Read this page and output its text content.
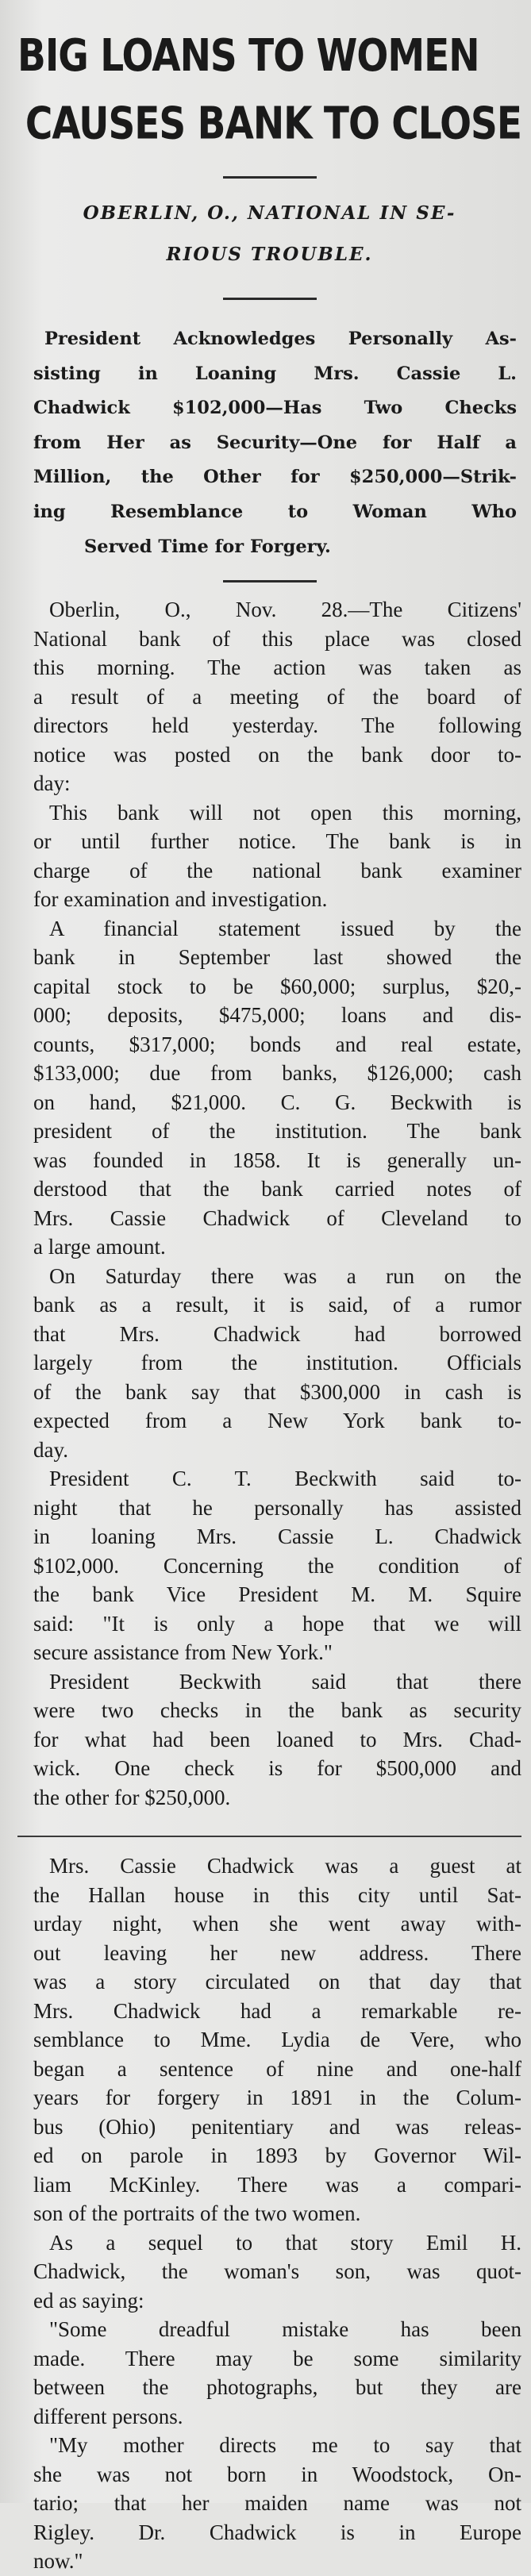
BIG LOANS TO WOMEN
CAUSES BANK TO CLOSE
OBERLIN, O., NATIONAL IN SE-
RIOUS TROUBLE.
President Acknowledges Personally As-
sisting in Loaning Mrs. Cassie L.
Chadwick $102,000—Has Two Checks
from Her as Security—One for Half a
Million, the Other for $250,000—Strik-
ing Resemblance to Woman Who
Served Time for Forgery.

Oberlin, O., Nov. 28.—The Citizens'
National bank of this place was closed
this morning. The action was taken as
a result of a meeting of the board of
directors held yesterday. The following
notice was posted on the bank door to-
day:

This bank will not open this morning,
or until further notice. The bank is in
charge of the national bank examiner
for examination and investigation.

A financial statement issued by the
bank in September last showed the
capital stock to be $60,000; surplus, $20,-
000; deposits, $475,000; loans and dis-
counts, $317,000; bonds and real estate,
$133,000; due from banks, $126,000; cash
on hand, $21,000. C. G. Beckwith is
president of the institution. The bank
was founded in 1858. It is generally un-
derstood that the bank carried notes of
Mrs. Cassie Chadwick of Cleveland to
a large amount.

On Saturday there was a run on the
bank as a result, it is said, of a rumor
that Mrs. Chadwick had borrowed
largely from the institution. Officials
of the bank say that $300,000 in cash is
expected from a New York bank to-
day.

President C. T. Beckwith said to-
night that he personally has assisted
in loaning Mrs. Cassie L. Chadwick
$102,000. Concerning the condition of
the bank Vice President M. M. Squire
said: "It is only a hope that we will
secure assistance from New York."

President Beckwith said that there
were two checks in the bank as security
for what had been loaned to Mrs. Chad-
wick. One check is for $500,000 and
the other for $250,000.

Mrs. Cassie Chadwick was a guest at
the Hallan house in this city until Sat-
urday night, when she went away with-
out leaving her new address. There
was a story circulated on that day that
Mrs. Chadwick had a remarkable re-
semblance to Mme. Lydia de Vere, who
began a sentence of nine and one-half
years for forgery in 1891 in the Colum-
bus (Ohio) penitentiary and was releas-
ed on parole in 1893 by Governor Wil-
liam McKinley. There was a compari-
son of the portraits of the two women.

As a sequel to that story Emil H.
Chadwick, the woman's son, was quot-
ed as saying:

"Some dreadful mistake has been
made. There may be some similarity
between the photographs, but they are
different persons.

"My mother directs me to say that
she was not born in Woodstock, On-
tario; that her maiden name was not
Rigley. Dr. Chadwick is in Europe
now."
